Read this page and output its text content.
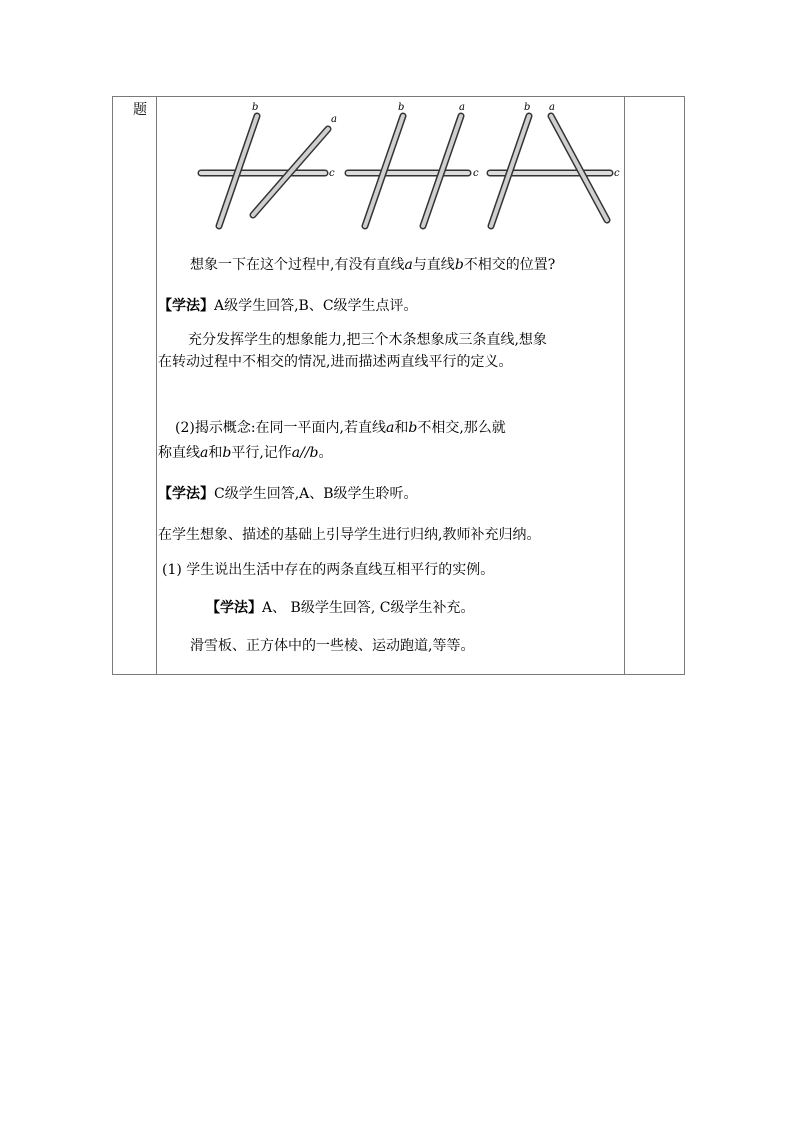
题	b
a
c
b	a
c
b a
c
想象一下在这个过程中,有没有直线a与直线b不相交的位置?
【学法】A级学生回答,B、C级学生点评。
充分发挥学生的想象能力,把三个木条想象成三条直线,想象
在转动过程中不相交的情况,进而描述两直线平行的定义。
(2)揭示概念:在同一平面内,若直线a和b不相交,那么就
称直线a和b平行,记作a//b。
【学法】C级学生回答,A、B级学生聆听。
在学生想象、描述的基础上引导学生进行归纳,教师补充归纳。
(1) 学生说出生活中存在的两条直线互相平行的实例。
【学法】A、 B级学生回答, C级学生补充。
滑雪板、正方体中的一些棱、运动跑道,等等。
